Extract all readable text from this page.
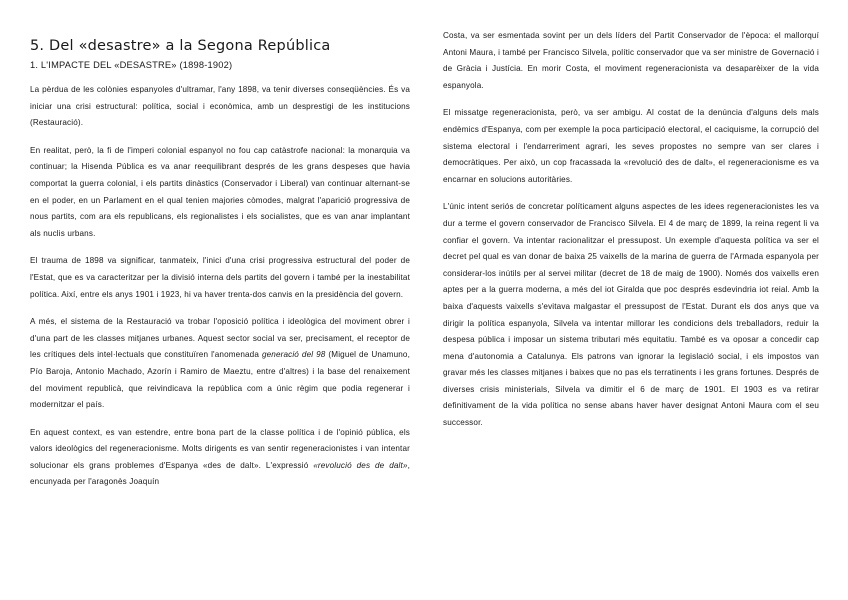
5. Del «desastre» a la Segona República
1. L'IMPACTE DEL «DESASTRE» (1898-1902)

La pèrdua de les colònies espanyoles d'ultramar, l'any 1898, va tenir diverses conseqüències. És va iniciar una crisi estructural: política, social i econòmica, amb un desprestigi de les institucions (Restauració).

En realitat, però, la fi de l'imperi colonial espanyol no fou cap catàstrofe nacional: la monarquia va continuar; la Hisenda Pública es va anar reequilibrant després de les grans despeses que havia comportat la guerra colonial, i els partits dinàstics (Conservador i Liberal) van continuar alternant-se en el poder, en un Parlament en el qual tenien majories còmodes, malgrat l'aparició progressiva de nous partits, com ara els republicans, els regionalistes i els socialistes, que es van anar implantant als nuclis urbans.

El trauma de 1898 va significar, tanmateix, l'inici d'una crisi progressiva estructural del poder de l'Estat, que es va caracteritzar per la divisió interna dels partits del govern i també per la inestabilitat política. Així, entre els anys 1901 i 1923, hi va haver trenta-dos canvis en la presidència del govern.

A més, el sistema de la Restauració va trobar l'oposició política i ideològica del moviment obrer i d'una part de les classes mitjanes urbanes. Aquest sector social va ser, precisament, el receptor de les crítiques dels intel·lectuals que constituïren l'anomenada generació del 98 (Miguel de Unamuno, Pío Baroja, Antonio Machado, Azorín i Ramiro de Maeztu, entre d'altres) i la base del renaixement del moviment republicà, que reivindicava la república com a únic règim que podia regenerar i modernitzar el país.

En aquest context, es van estendre, entre bona part de la classe política i de l'opinió pública, els valors ideològics del regeneracionisme. Molts dirigents es van sentir regeneracionistes i van intentar solucionar els grans problemes d'Espanya «des de dalt». L'expressió «revolució des de dalt», encunyada per l'aragonès Joaquín

Costa, va ser esmentada sovint per un dels líders del Partit Conservador de l'època: el mallorquí Antoni Maura, i també per Francisco Silvela, polític conservador que va ser ministre de Governació i de Gràcia i Justícia. En morir Costa, el moviment regeneracionista va desaparèixer de la vida espanyola.

El missatge regeneracionista, però, va ser ambigu. Al costat de la denúncia d'alguns dels mals endèmics d'Espanya, com per exemple la poca participació electoral, el caciquisme, la corrupció del sistema electoral i l'endarreriment agrari, les seves propostes no sempre van ser clares i democràtiques. Per això, un cop fracassada la «revolució des de dalt», el regeneracionisme es va encarnar en solucions autoritàries.

L'únic intent seriós de concretar políticament alguns aspectes de les idees regeneracionistes les va dur a terme el govern conservador de Francisco Silvela. El 4 de març de 1899, la reina regent li va confiar el govern. Va intentar racionalitzar el pressupost. Un exemple d'aquesta política va ser el decret pel qual es van donar de baixa 25 vaixells de la marina de guerra de l'Armada espanyola per considerar-los inútils per al servei militar (decret de 18 de maig de 1900). Només dos vaixells eren aptes per a la guerra moderna, a més del iot Giralda que poc després esdevindria iot reial. Amb la baixa d'aquests vaixells s'evitava malgastar el pressupost de l'Estat. Durant els dos anys que va dirigir la política espanyola, Silvela va intentar millorar les condicions dels treballadors, reduir la despesa pública i imposar un sistema tributari més equitatiu. També es va oposar a concedir cap mena d'autonomia a Catalunya. Els patrons van ignorar la legislació social, i els impostos van gravar més les classes mitjanes i baixes que no pas els terratinents i les grans fortunes. Després de diverses crisis ministerials, Silvela va dimitir el 6 de març de 1901. El 1903 es va retirar definitivament de la vida política no sense abans haver haver designat Antoni Maura com el seu successor.
